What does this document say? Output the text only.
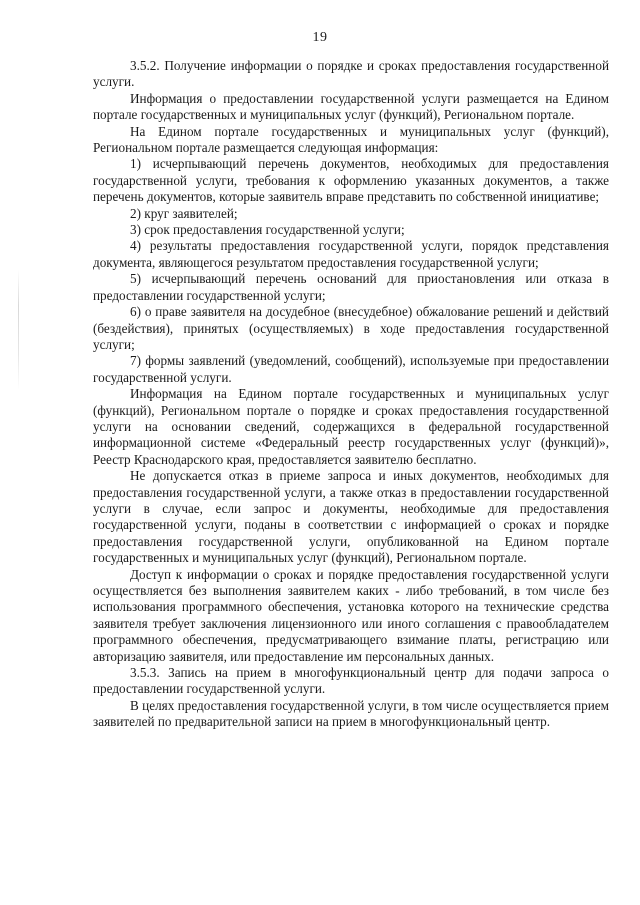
19

3.5.2. Получение информации о порядке и сроках предоставления государственной услуги.

Информация о предоставлении государственной услуги размещается на Едином портале государственных и муниципальных услуг (функций), Региональном портале.

На Едином портале государственных и муниципальных услуг (функций), Региональном портале размещается следующая информация:

1) исчерпывающий перечень документов, необходимых для предоставления государственной услуги, требования к оформлению указанных документов, а также перечень документов, которые заявитель вправе представить по собственной инициативе;

2) круг заявителей;

3) срок предоставления государственной услуги;

4) результаты предоставления государственной услуги, порядок представления документа, являющегося результатом предоставления государственной услуги;

5) исчерпывающий перечень оснований для приостановления или отказа в предоставлении государственной услуги;

6) о праве заявителя на досудебное (внесудебное) обжалование решений и действий (бездействия), принятых (осуществляемых) в ходе предоставления государственной услуги;

7) формы заявлений (уведомлений, сообщений), используемые при предоставлении государственной услуги.

Информация на Едином портале государственных и муниципальных услуг (функций), Региональном портале о порядке и сроках предоставления государственной услуги на основании сведений, содержащихся в федеральной государственной информационной системе «Федеральный реестр государственных услуг (функций)», Реестр Краснодарского края, предоставляется заявителю бесплатно.

Не допускается отказ в приеме запроса и иных документов, необходимых для предоставления государственной услуги, а также отказ в предоставлении государственной услуги в случае, если запрос и документы, необходимые для предоставления государственной услуги, поданы в соответствии с информацией о сроках и порядке предоставления государственной услуги, опубликованной на Едином портале государственных и муниципальных услуг (функций), Региональном портале.

Доступ к информации о сроках и порядке предоставления государственной услуги осуществляется без выполнения заявителем каких - либо требований, в том числе без использования программного обеспечения, установка которого на технические средства заявителя требует заключения лицензионного или иного соглашения с правообладателем программного обеспечения, предусматривающего взимание платы, регистрацию или авторизацию заявителя, или предоставление им персональных данных.

3.5.3. Запись на прием в многофункциональный центр для подачи запроса о предоставлении государственной услуги.

В целях предоставления государственной услуги, в том числе осуществляется прием заявителей по предварительной записи на прием в многофункциональный центр.
